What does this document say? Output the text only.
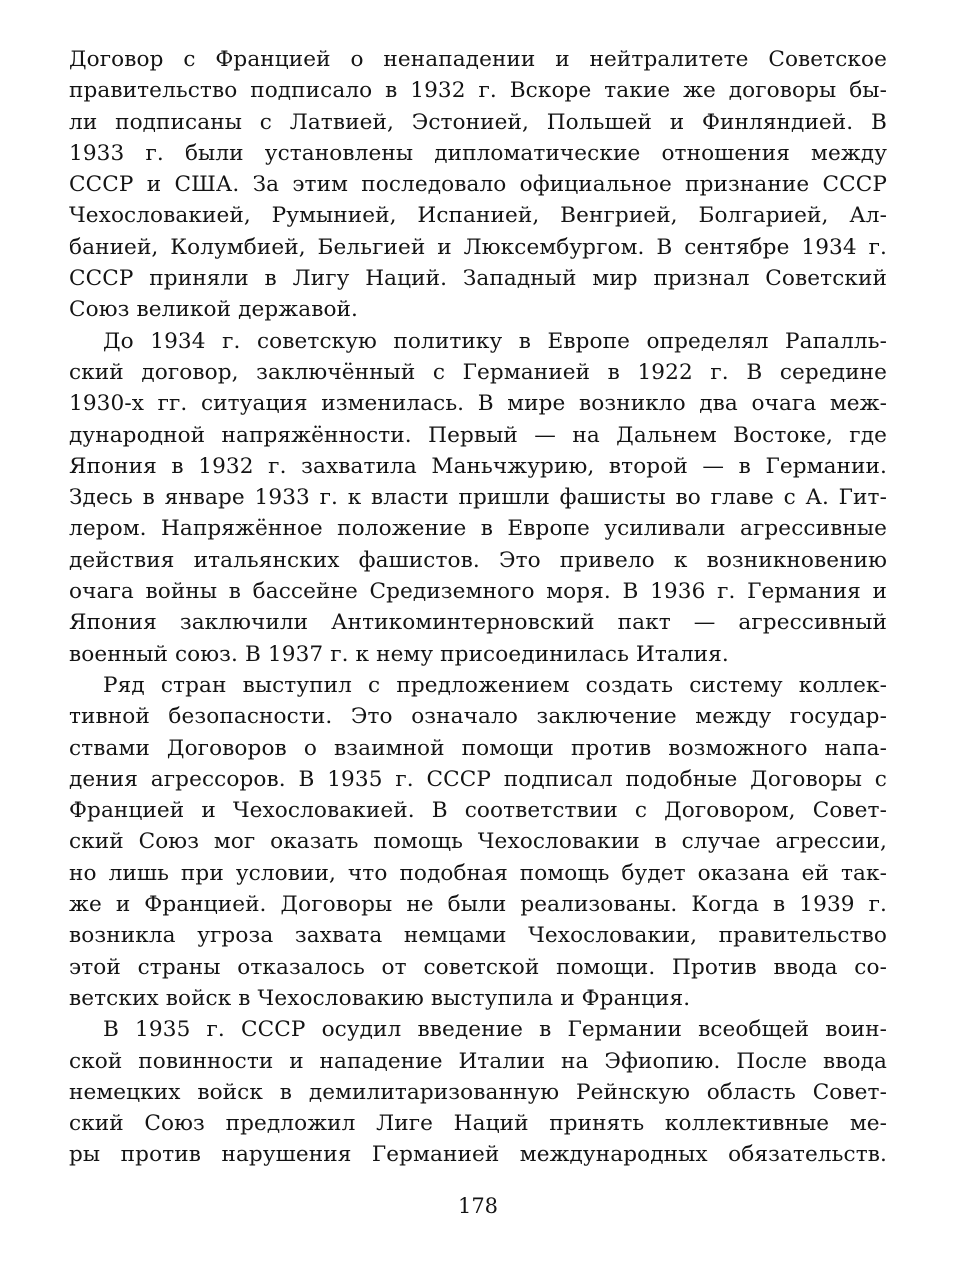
Договор с Францией о ненападении и нейтралитете Советское
правительство подписало в 1932 г. Вскоре такие же договоры бы-
ли подписаны с Латвией, Эстонией, Польшей и Финляндией. В
1933 г. были установлены дипломатические отношения между
СССР и США. За этим последовало официальное признание СССР
Чехословакией, Румынией, Испанией, Венгрией, Болгарией, Ал-
банией, Колумбией, Бельгией и Люксембургом. В сентябре 1934 г.
СССР приняли в Лигу Наций. Западный мир признал Советский
Союз великой державой.
До 1934 г. советскую политику в Европе определял Рапалль-
ский договор, заключённый с Германией в 1922 г. В середине
1930-х гг. ситуация изменилась. В мире возникло два очага меж-
дународной напряжённости. Первый — на Дальнем Востоке, где
Япония в 1932 г. захватила Маньчжурию, второй — в Германии.
Здесь в январе 1933 г. к власти пришли фашисты во главе с А. Гит-
лером. Напряжённое положение в Европе усиливали агрессивные
действия итальянских фашистов. Это привело к возникновению
очага войны в бассейне Средиземного моря. В 1936 г. Германия и
Япония заключили Антикоминтерновский пакт — агрессивный
военный союз. В 1937 г. к нему присоединилась Италия.
Ряд стран выступил с предложением создать систему коллек-
тивной безопасности. Это означало заключение между государ-
ствами Договоров о взаимной помощи против возможного напа-
дения агрессоров. В 1935 г. СССР подписал подобные Договоры с
Францией и Чехословакией. В соответствии с Договором, Совет-
ский Союз мог оказать помощь Чехословакии в случае агрессии,
но лишь при условии, что подобная помощь будет оказана ей так-
же и Францией. Договоры не были реализованы. Когда в 1939 г.
возникла угроза захвата немцами Чехословакии, правительство
этой страны отказалось от советской помощи. Против ввода со-
ветских войск в Чехословакию выступила и Франция.
В 1935 г. СССР осудил введение в Германии всеобщей воин-
ской повинности и нападение Италии на Эфиопию. После ввода
немецких войск в демилитаризованную Рейнскую область Совет-
ский Союз предложил Лиге Наций принять коллективные ме-
ры против нарушения Германией международных обязательств.
178
